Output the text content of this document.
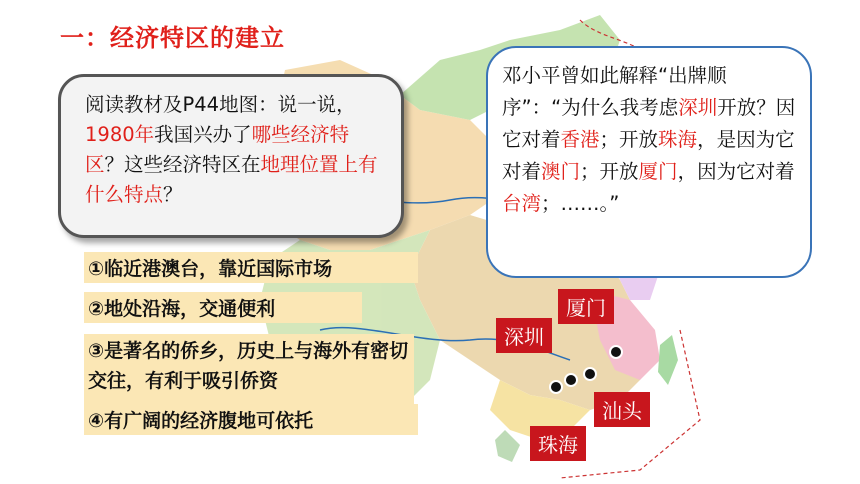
一：经济特区的建立
阅读教材及P44地图：说一说，1980年我国兴办了哪些经济特区？这些经济特区在地理位置上有什么特点？
邓小平曾如此解释“出牌顺序”：“为什么我考虑深圳开放？因它对着香港；开放珠海，是因为它对着澳门；开放厦门，因为它对着台湾；……。”
①临近港澳台，靠近国际市场
②地处沿海，交通便利
③是著名的侨乡，历史上与海外有密切交往，有利于吸引侨资
④有广阔的经济腹地可依托
厦门
深圳
汕头
珠海
